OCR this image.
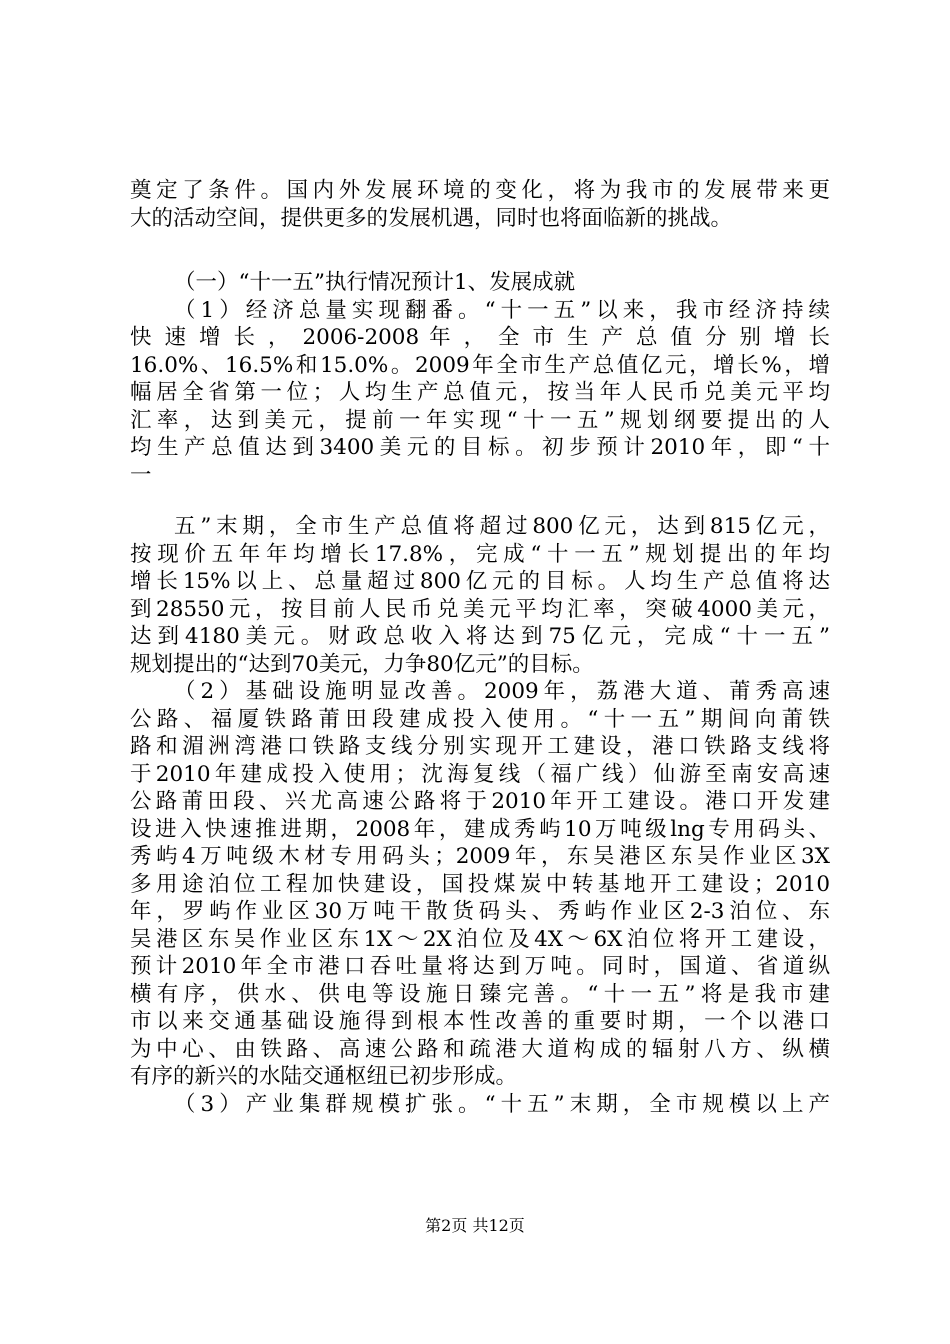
奠定了条件。国内外发展环境的变化，将为我市的发展带来更
大的活动空间，提供更多的发展机遇，同时也将面临新的挑战。
（一）“十一五”执行情况预计1、发展成就
（1）经济总量实现翻番。“十一五”以来，我市经济持续
快 速 增 长 ， 2006-2008 年 ， 全 市 生 产 总 值 分 别 增 长
16.0%、16.5%和15.0%。2009年全市生产总值亿元，增长%，增
幅居全省第一位；人均生产总值元，按当年人民币兑美元平均
汇率，达到美元，提前一年实现“十一五”规划纲要提出的人
均生产总值达到3400美元的目标。初步预计2010年，即“十
一
五”末期，全市生产总值将超过800亿元，达到815亿元，
按现价五年年均增长17.8%，完成“十一五”规划提出的年均
增长15%以上、总量超过800亿元的目标。人均生产总值将达
到28550元，按目前人民币兑美元平均汇率，突破4000美元，
达到4180美元。财政总收入将达到75亿元，完成“十一五”
规划提出的“达到70美元，力争80亿元”的目标。
（2）基础设施明显改善。2009年，荔港大道、莆秀高速
公路、福厦铁路莆田段建成投入使用。“十一五”期间向莆铁
路和湄洲湾港口铁路支线分别实现开工建设，港口铁路支线将
于2010年建成投入使用；沈海复线（福广线）仙游至南安高速
公路莆田段、兴尤高速公路将于2010年开工建设。港口开发建
设进入快速推进期，2008年，建成秀屿10万吨级lng专用码头、
秀屿4万吨级木材专用码头；2009年，东吴港区东吴作业区3X
多用途泊位工程加快建设，国投煤炭中转基地开工建设；2010
年，罗屿作业区30万吨干散货码头、秀屿作业区2-3泊位、东
吴港区东吴作业区东1X～2X泊位及4X～6X泊位将开工建设，
预计2010年全市港口吞吐量将达到万吨。同时，国道、省道纵
横有序，供水、供电等设施日臻完善。“十一五”将是我市建
市以来交通基础设施得到根本性改善的重要时期，一个以港口
为中心、由铁路、高速公路和疏港大道构成的辐射八方、纵横
有序的新兴的水陆交通枢纽已初步形成。
（3）产业集群规模扩张。“十五”末期，全市规模以上产
第2页 共12页
